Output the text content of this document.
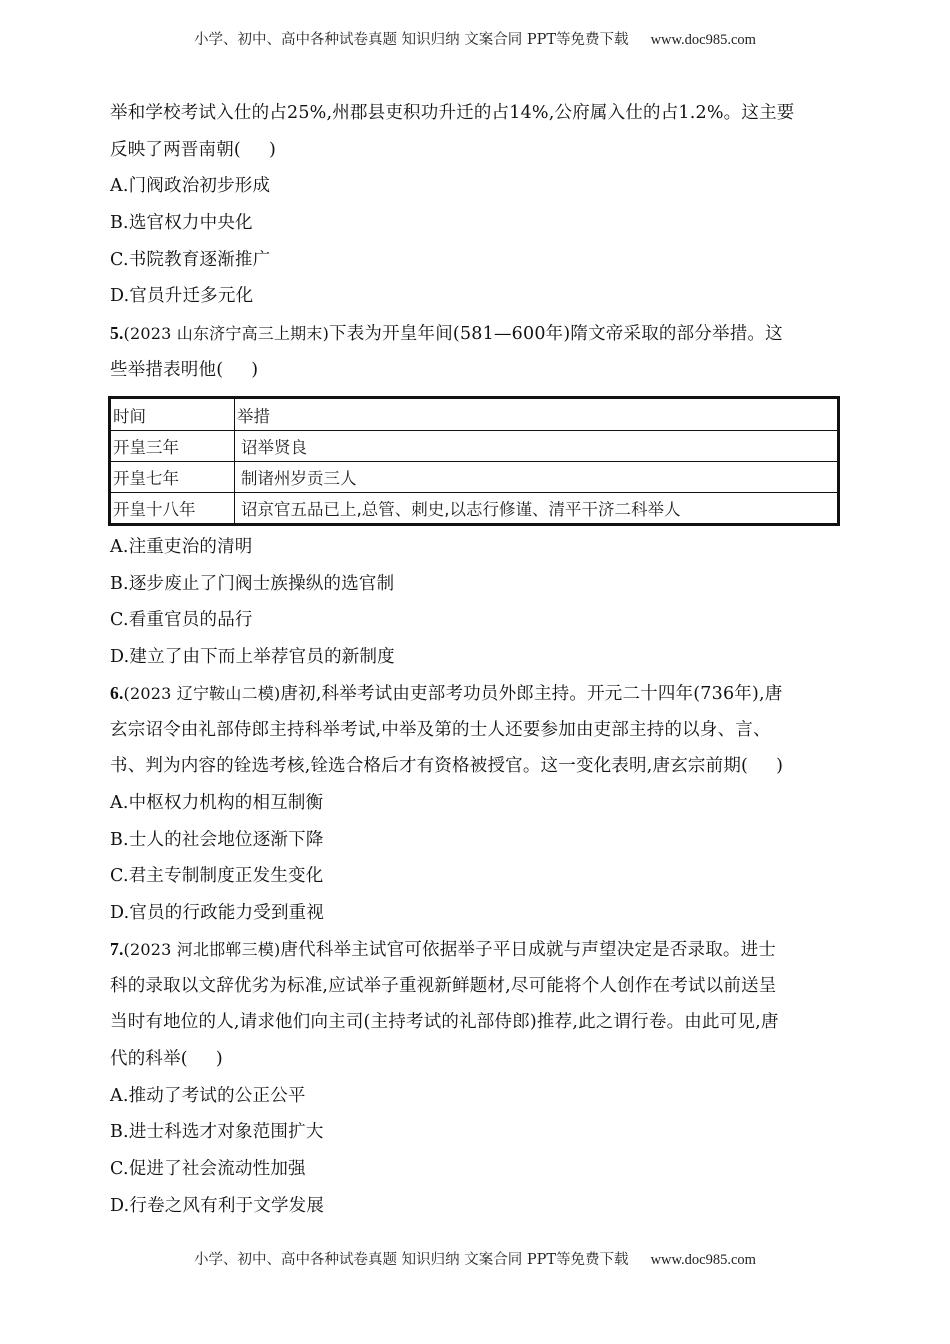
小学、初中、高中各种试卷真题 知识归纳 文案合同 PPT等免费下载 www.doc985.com
举和学校考试入仕的占25%,州郡县吏积功升迁的占14%,公府属入仕的占1.2%。这主要
反映了两晋南朝( )
A.门阀政治初步形成
B.选官权力中央化
C.书院教育逐渐推广
D.官员升迁多元化
5.(2023 山东济宁高三上期末)下表为开皇年间(581—600年)隋文帝采取的部分举措。这
些举措表明他( )
时间	举措
开皇三年	诏举贤良
开皇七年	制诸州岁贡三人
开皇十八年	诏京官五品已上,总管、刺史,以志行修谨、清平干济二科举人
A.注重吏治的清明
B.逐步废止了门阀士族操纵的选官制
C.看重官员的品行
D.建立了由下而上举荐官员的新制度
6.(2023 辽宁鞍山二模)唐初,科举考试由吏部考功员外郎主持。开元二十四年(736年),唐
玄宗诏令由礼部侍郎主持科举考试,中举及第的士人还要参加由吏部主持的以身、言、
书、判为内容的铨选考核,铨选合格后才有资格被授官。这一变化表明,唐玄宗前期( )
A.中枢权力机构的相互制衡
B.士人的社会地位逐渐下降
C.君主专制制度正发生变化
D.官员的行政能力受到重视
7.(2023 河北邯郸三模)唐代科举主试官可依据举子平日成就与声望决定是否录取。进士
科的录取以文辞优劣为标准,应试举子重视新鲜题材,尽可能将个人创作在考试以前送呈
当时有地位的人,请求他们向主司(主持考试的礼部侍郎)推荐,此之谓行卷。由此可见,唐
代的科举( )
A.推动了考试的公正公平
B.进士科选才对象范围扩大
C.促进了社会流动性加强
D.行卷之风有利于文学发展
小学、初中、高中各种试卷真题 知识归纳 文案合同 PPT等免费下载 www.doc985.com
